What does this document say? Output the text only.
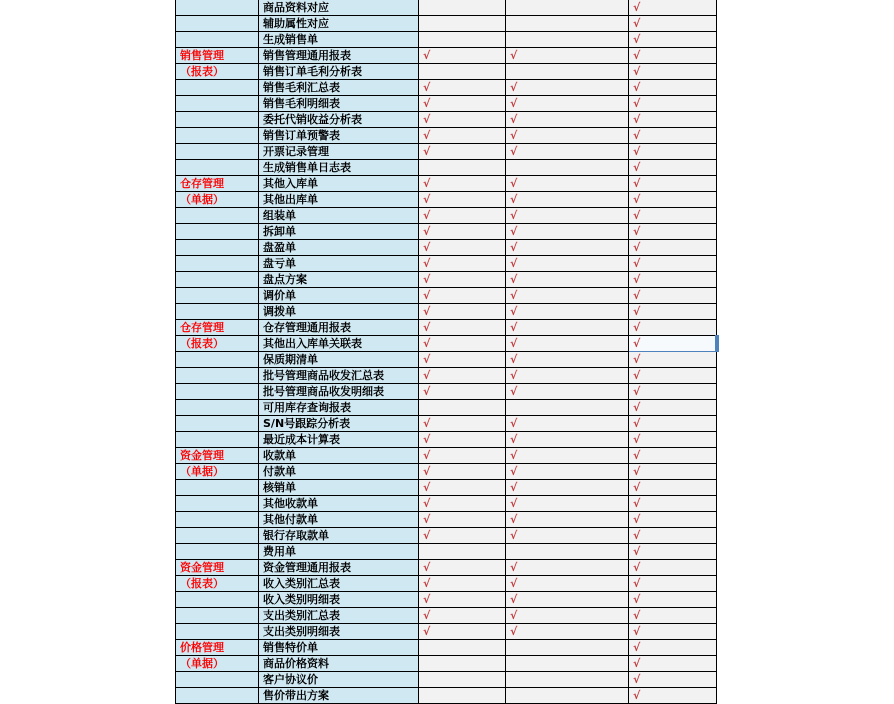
	商品资料对应			√
	辅助属性对应			√
	生成销售单			√
销售管理	销售管理通用报表	√	√	√
（报表）	销售订单毛利分析表			√
	销售毛利汇总表	√	√	√
	销售毛利明细表	√	√	√
	委托代销收益分析表	√	√	√
	销售订单预警表	√	√	√
	开票记录管理	√	√	√
	生成销售单日志表			√
仓存管理	其他入库单	√	√	√
（单据）	其他出库单	√	√	√
	组装单	√	√	√
	拆卸单	√	√	√
	盘盈单	√	√	√
	盘亏单	√	√	√
	盘点方案	√	√	√
	调价单	√	√	√
	调拨单	√	√	√
仓存管理	仓存管理通用报表	√	√	√
（报表）	其他出入库单关联表	√	√	√
	保质期清单	√	√	√
	批号管理商品收发汇总表	√	√	√
	批号管理商品收发明细表	√	√	√
	可用库存查询报表			√
	S/N号跟踪分析表	√	√	√
	最近成本计算表	√	√	√
资金管理	收款单	√	√	√
（单据）	付款单	√	√	√
	核销单	√	√	√
	其他收款单	√	√	√
	其他付款单	√	√	√
	银行存取款单	√	√	√
	费用单			√
资金管理	资金管理通用报表	√	√	√
（报表）	收入类别汇总表	√	√	√
	收入类别明细表	√	√	√
	支出类别汇总表	√	√	√
	支出类别明细表	√	√	√
价格管理	销售特价单			√
（单据）	商品价格资料			√
	客户协议价			√
	售价带出方案			√
